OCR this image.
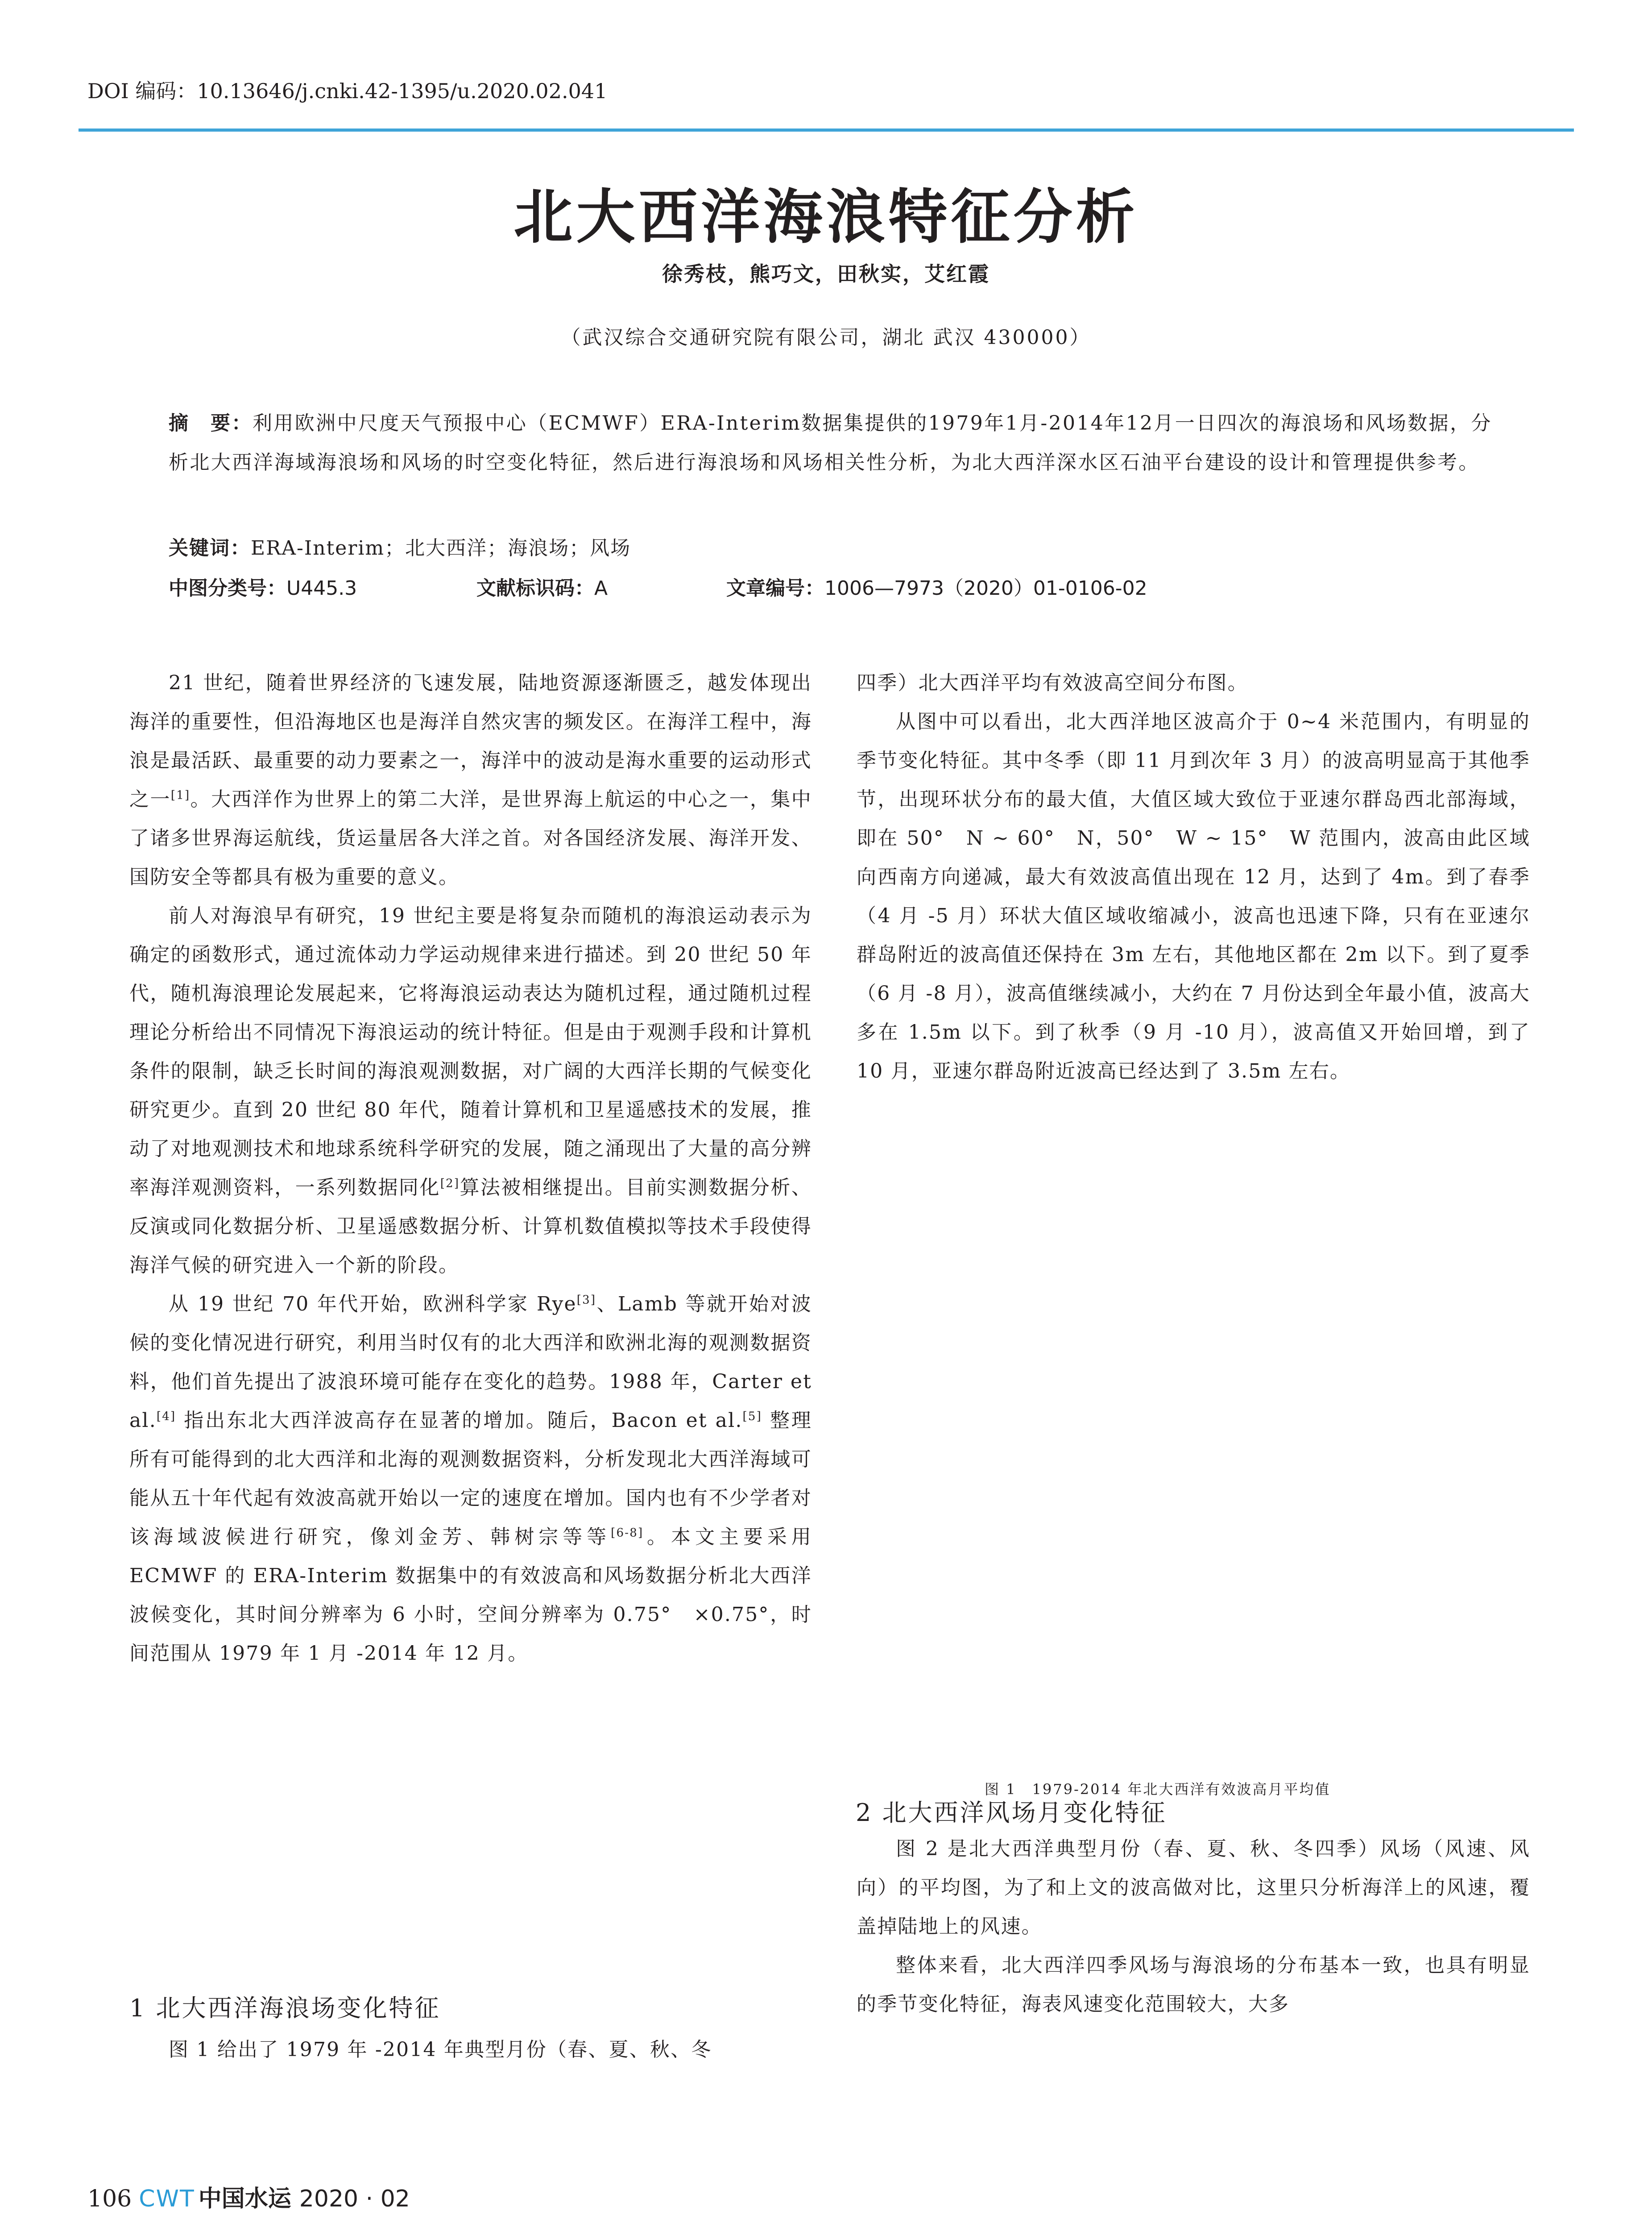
DOI 编码：10.13646/j.cnki.42-1395/u.2020.02.041
北大西洋海浪特征分析
徐秀枝，熊巧文，田秋实，艾红霞
（武汉综合交通研究院有限公司，湖北 武汉 430000）
摘　要：利用欧洲中尺度天气预报中心（ECMWF）ERA-Interim数据集提供的1979年1月-2014年12月一日四次的海浪场和风场数据，分析北大西洋海域海浪场和风场的时空变化特征，然后进行海浪场和风场相关性分析，为北大西洋深水区石油平台建设的设计和管理提供参考。
关键词：ERA-Interim；北大西洋；海浪场；风场
中图分类号：U445.3	文献标识码：A	文章编号：1006—7973（2020）01-0106-02

21 世纪，随着世界经济的飞速发展，陆地资源逐渐匮乏，越发体现出海洋的重要性，但沿海地区也是海洋自然灾害的频发区。在海洋工程中，海浪是最活跃、最重要的动力要素之一，海洋中的波动是海水重要的运动形式之一[1]。大西洋作为世界上的第二大洋，是世界海上航运的中心之一，集中了诸多世界海运航线，货运量居各大洋之首。对各国经济发展、海洋开发、国防安全等都具有极为重要的意义。

前人对海浪早有研究，19 世纪主要是将复杂而随机的海浪运动表示为确定的函数形式，通过流体动力学运动规律来进行描述。到 20 世纪 50 年代，随机海浪理论发展起来，它将海浪运动表达为随机过程，通过随机过程理论分析给出不同情况下海浪运动的统计特征。但是由于观测手段和计算机条件的限制，缺乏长时间的海浪观测数据，对广阔的大西洋长期的气候变化研究更少。直到 20 世纪 80 年代，随着计算机和卫星遥感技术的发展，推动了对地观测技术和地球系统科学研究的发展，随之涌现出了大量的高分辨率海洋观测资料，一系列数据同化[2]算法被相继提出。目前实测数据分析、反演或同化数据分析、卫星遥感数据分析、计算机数值模拟等技术手段使得海洋气候的研究进入一个新的阶段。

从 19 世纪 70 年代开始，欧洲科学家 Rye[3]、Lamb 等就开始对波候的变化情况进行研究，利用当时仅有的北大西洋和欧洲北海的观测数据资料，他们首先提出了波浪环境可能存在变化的趋势。1988 年，Carter et al.[4] 指出东北大西洋波高存在显著的增加。随后，Bacon et al.[5] 整理所有可能得到的北大西洋和北海的观测数据资料，分析发现北大西洋海域可能从五十年代起有效波高就开始以一定的速度在增加。国内也有不少学者对该海域波候进行研究，像刘金芳、韩树宗等等[6-8]。本文主要采用 ECMWF 的 ERA-Interim 数据集中的有效波高和风场数据分析北大西洋波候变化，其时间分辨率为 6 小时，空间分辨率为 0.75°　×0.75°，时间范围从 1979 年 1 月 -2014 年 12 月。

1 北大西洋海浪场变化特征
图 1 给出了 1979 年 -2014 年典型月份（春、夏、秋、冬

四季）北大西洋平均有效波高空间分布图。

从图中可以看出，北大西洋地区波高介于 0~4 米范围内，有明显的季节变化特征。其中冬季（即 11 月到次年 3 月）的波高明显高于其他季节，出现环状分布的最大值，大值区域大致位于亚速尔群岛西北部海域，即在 50°　N ~ 60°　N，50°　W ~ 15°　W 范围内，波高由此区域向西南方向递减，最大有效波高值出现在 12 月，达到了 4m。到了春季（4 月 -5 月）环状大值区域收缩减小，波高也迅速下降，只有在亚速尔群岛附近的波高值还保持在 3m 左右，其他地区都在 2m 以下。到了夏季（6 月 -8 月），波高值继续减小，大约在 7 月份达到全年最小值，波高大多在 1.5m 以下。到了秋季（9 月 -10 月），波高值又开始回增，到了 10 月，亚速尔群岛附近波高已经达到了 3.5m 左右。

图 1　1979-2014 年北大西洋有效波高月平均值
2 北大西洋风场月变化特征

图 2 是北大西洋典型月份（春、夏、秋、冬四季）风场（风速、风向）的平均图，为了和上文的波高做对比，这里只分析海洋上的风速，覆盖掉陆地上的风速。

整体来看，北大西洋四季风场与海浪场的分布基本一致，也具有明显的季节变化特征，海表风速变化范围较大，大多

106 CWT 中国水运 2020 · 02
